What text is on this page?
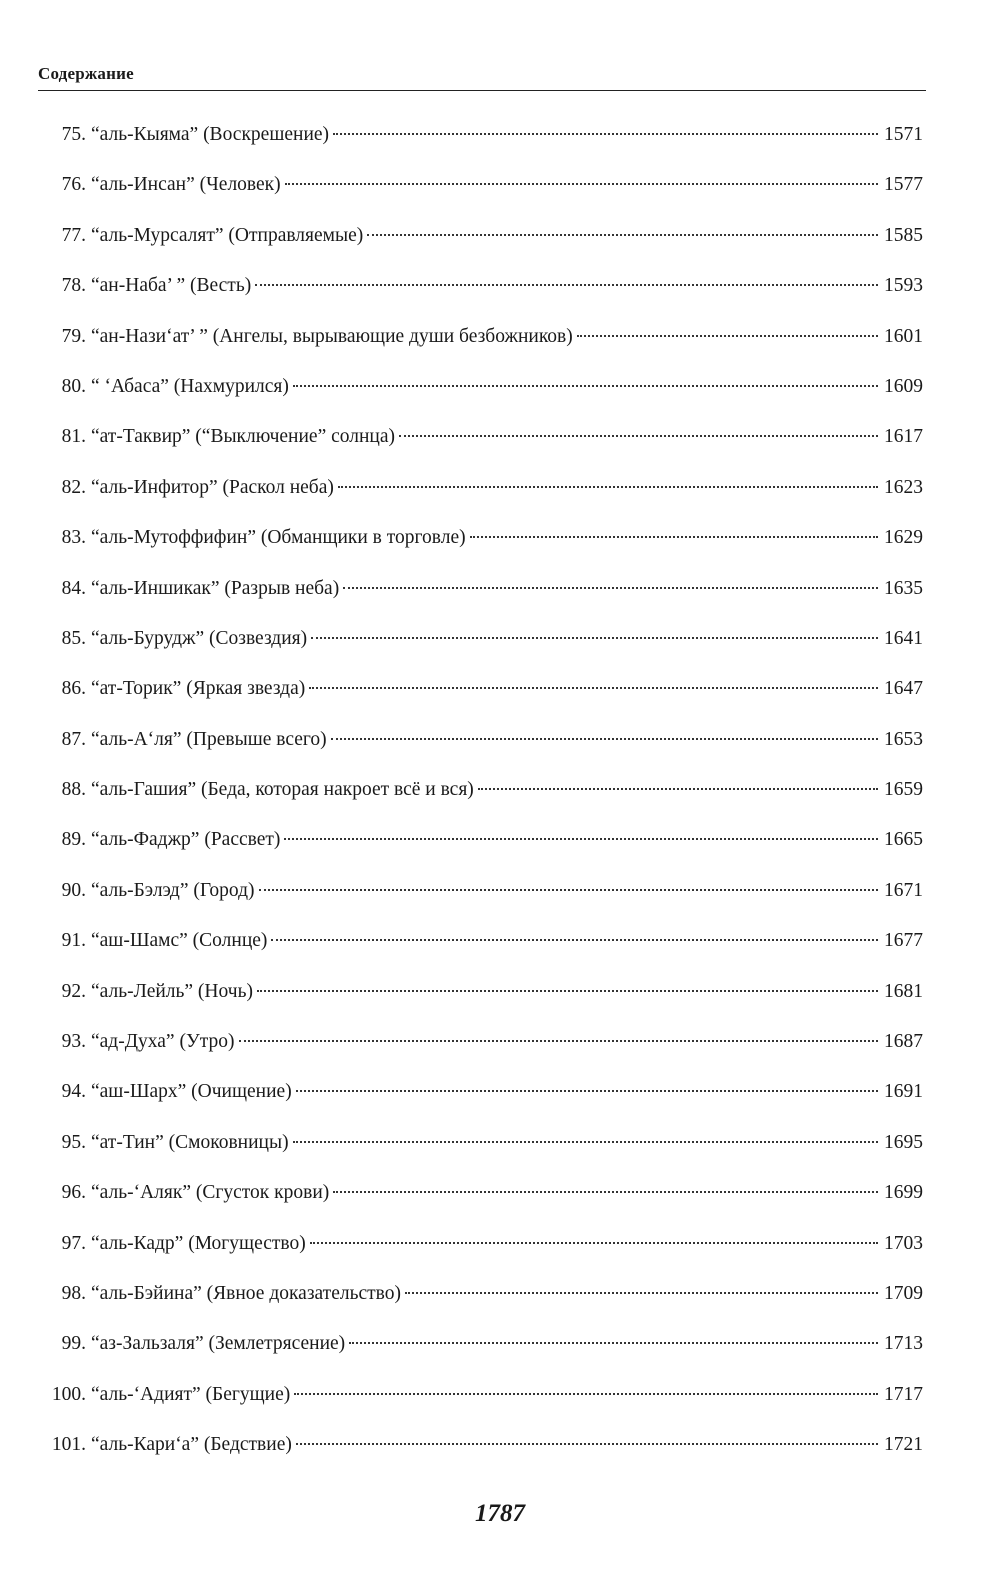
Содержание
75. “аль-Кыяма” (Воскрешение)	1571
76. “аль-Инсан” (Человек)	1577
77. “аль-Мурсалят” (Отправляемые)	1585
78. “ан-Наба’ ” (Весть)	1593
79. “ан-Нази‘ат’ ” (Ангелы, вырывающие души безбожников)	1601
80. “ ‘Абаса” (Нахмурился)	1609
81. “ат-Таквир” (“Выключение” солнца)	1617
82. “аль-Инфитор” (Раскол неба)	1623
83. “аль-Мутоффифин” (Обманщики в торговле)	1629
84. “аль-Иншикак” (Разрыв неба)	1635
85. “аль-Бурудж” (Созвездия)	1641
86. “ат-Торик” (Яркая звезда)	1647
87. “аль-А‘ля” (Превыше всего)	1653
88. “аль-Гашия” (Беда, которая накроет всё и вся)	1659
89. “аль-Фаджр” (Рассвет)	1665
90. “аль-Бэлэд” (Город)	1671
91. “аш-Шамс” (Солнце)	1677
92. “аль-Лейль” (Ночь)	1681
93. “ад-Духа” (Утро)	1687
94. “аш-Шарх” (Очищение)	1691
95. “ат-Тин” (Смоковницы)	1695
96. “аль-‘Аляк” (Сгусток крови)	1699
97. “аль-Кадр” (Могущество)	1703
98. “аль-Бэйина” (Явное доказательство)	1709
99. “аз-Зальзаля” (Землетрясение)	1713
100. “аль-‘Адият” (Бегущие)	1717
101. “аль-Кари‘а” (Бедствие)	1721
1787
